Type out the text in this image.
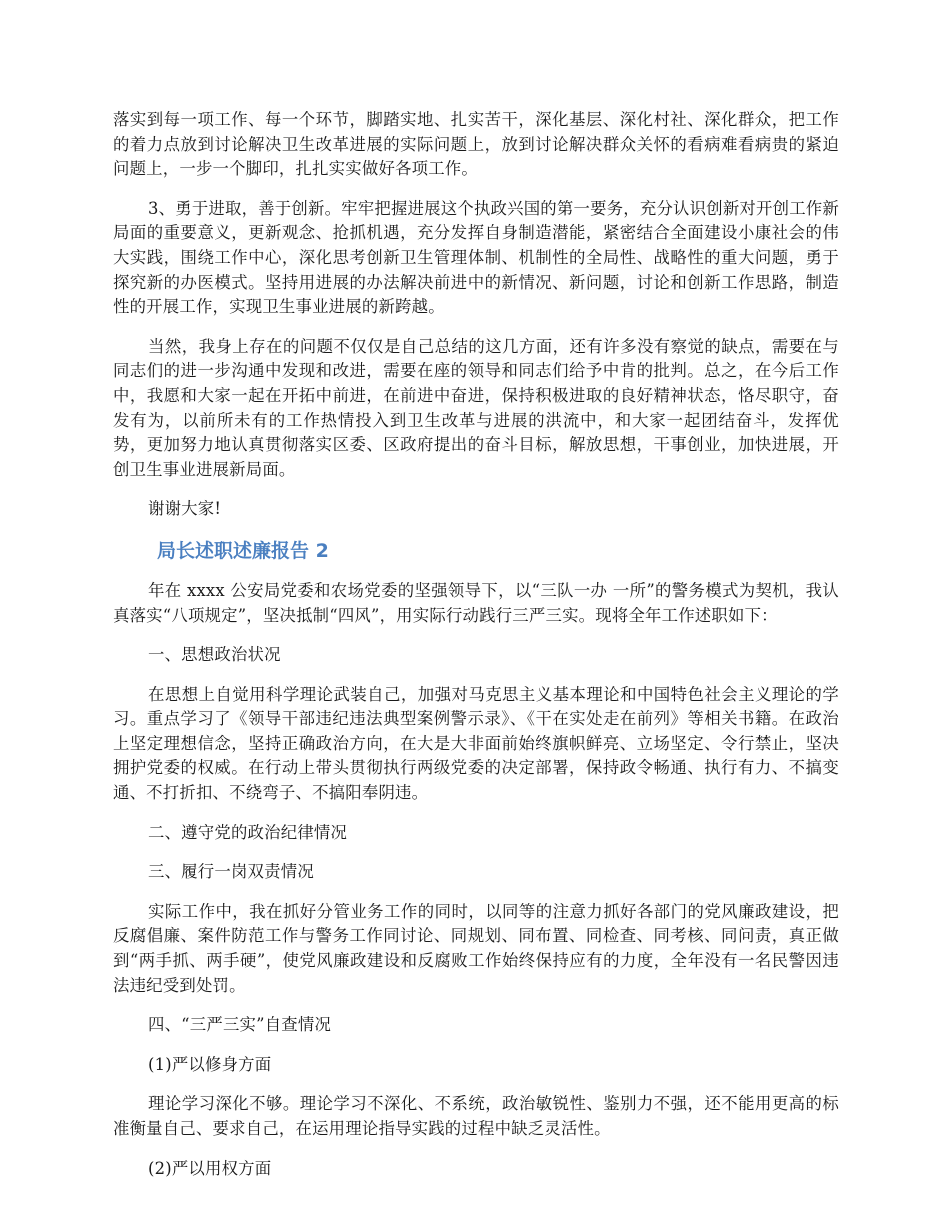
落实到每一项工作、每一个环节，脚踏实地、扎实苦干，深化基层、深化村社、深化群众，把工作的着力点放到讨论解决卫生改革进展的实际问题上，放到讨论解决群众关怀的看病难看病贵的紧迫问题上，一步一个脚印，扎扎实实做好各项工作。

3、勇于进取，善于创新。牢牢把握进展这个执政兴国的第一要务，充分认识创新对开创工作新局面的重要意义，更新观念、抢抓机遇，充分发挥自身制造潜能，紧密结合全面建设小康社会的伟大实践，围绕工作中心，深化思考创新卫生管理体制、机制性的全局性、战略性的重大问题，勇于探究新的办医模式。坚持用进展的办法解决前进中的新情况、新问题，讨论和创新工作思路，制造性的开展工作，实现卫生事业进展的新跨越。

当然，我身上存在的问题不仅仅是自己总结的这几方面，还有许多没有察觉的缺点，需要在与同志们的进一步沟通中发现和改进，需要在座的领导和同志们给予中肯的批判。总之，在今后工作中，我愿和大家一起在开拓中前进，在前进中奋进，保持积极进取的良好精神状态，恪尽职守，奋发有为，以前所未有的工作热情投入到卫生改革与进展的洪流中，和大家一起团结奋斗，发挥优势，更加努力地认真贯彻落实区委、区政府提出的奋斗目标，解放思想，干事创业，加快进展，开创卫生事业进展新局面。

谢谢大家!

局长述职述廉报告 2

年在 xxxx 公安局党委和农场党委的坚强领导下，以“三队一办 一所”的警务模式为契机，我认真落实“八项规定”，坚决抵制“四风”，用实际行动践行三严三实。现将全年工作述职如下：

一、思想政治状况

在思想上自觉用科学理论武装自己，加强对马克思主义基本理论和中国特色社会主义理论的学习。重点学习了《领导干部违纪违法典型案例警示录》、《干在实处走在前列》等相关书籍。在政治上坚定理想信念，坚持正确政治方向，在大是大非面前始终旗帜鲜亮、立场坚定、令行禁止，坚决拥护党委的权威。在行动上带头贯彻执行两级党委的决定部署，保持政令畅通、执行有力、不搞变通、不打折扣、不绕弯子、不搞阳奉阴违。

二、遵守党的政治纪律情况

三、履行一岗双责情况

实际工作中，我在抓好分管业务工作的同时，以同等的注意力抓好各部门的党风廉政建设，把反腐倡廉、案件防范工作与警务工作同讨论、同规划、同布置、同检查、同考核、同问责，真正做到“两手抓、两手硬”，使党风廉政建设和反腐败工作始终保持应有的力度，全年没有一名民警因违法违纪受到处罚。

四、“三严三实”自查情况

(1)严以修身方面

理论学习深化不够。理论学习不深化、不系统，政治敏锐性、鉴别力不强，还不能用更高的标准衡量自己、要求自己，在运用理论指导实践的过程中缺乏灵活性。

(2)严以用权方面
